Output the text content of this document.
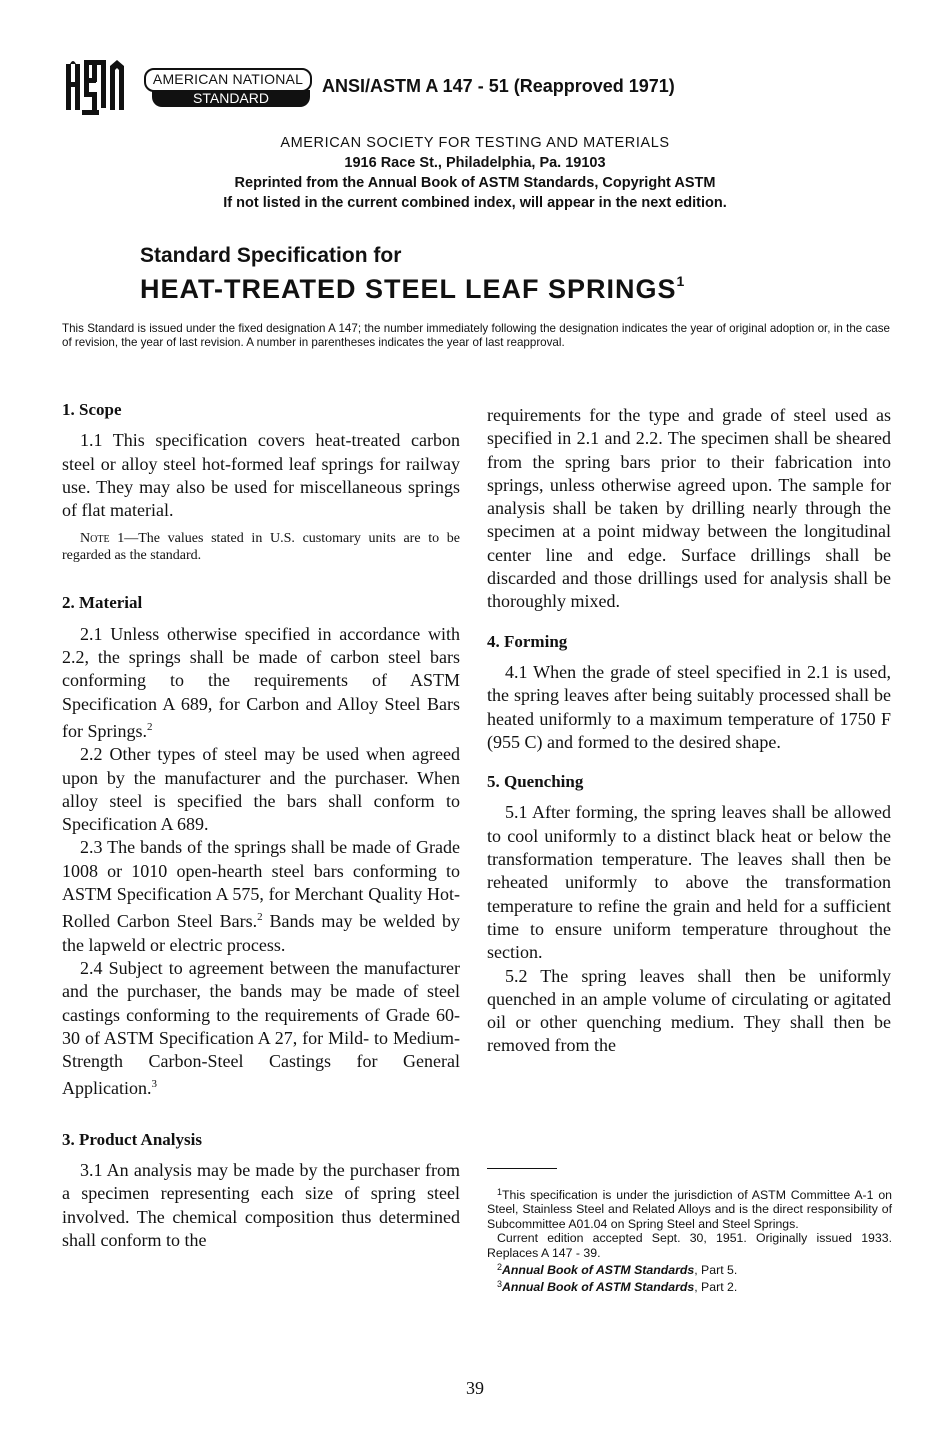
AMERICAN NATIONAL
STANDARD
ANSI/ASTM A 147 - 51 (Reapproved 1971)
AMERICAN SOCIETY FOR TESTING AND MATERIALS
1916 Race St., Philadelphia, Pa. 19103
Reprinted from the Annual Book of ASTM Standards, Copyright ASTM
If not listed in the current combined index, will appear in the next edition.
Standard Specification for
HEAT-TREATED STEEL LEAF SPRINGS$^1$
This Standard is issued under the fixed designation A 147; the number immediately following the designation indicates the year of original adoption or, in the case of revision, the year of last revision. A number in parentheses indicates the year of last reapproval.
1. Scope

1.1 This specification covers heat-treated carbon steel or alloy steel hot-formed leaf springs for railway use. They may also be used for miscellaneous springs of flat material.

Note 1—The values stated in U.S. customary units are to be regarded as the standard.

2. Material

2.1 Unless otherwise specified in accordance with 2.2, the springs shall be made of carbon steel bars conforming to the requirements of ASTM Specification A 689, for Carbon and Alloy Steel Bars for Springs.$^2$

2.2 Other types of steel may be used when agreed upon by the manufacturer and the purchaser. When alloy steel is specified the bars shall conform to Specification A 689.

2.3 The bands of the springs shall be made of Grade 1008 or 1010 open-hearth steel bars conforming to ASTM Specification A 575, for Merchant Quality Hot-Rolled Carbon Steel Bars.$^2$ Bands may be welded by the lapweld or electric process.

2.4 Subject to agreement between the manufacturer and the purchaser, the bands may be made of steel castings conforming to the requirements of Grade 60-30 of ASTM Specification A 27, for Mild- to Medium-Strength Carbon-Steel Castings for General Application.$^3$

3. Product Analysis

3.1 An analysis may be made by the purchaser from a specimen representing each size of spring steel involved. The chemical composition thus determined shall conform to the

requirements for the type and grade of steel used as specified in 2.1 and 2.2. The specimen shall be sheared from the spring bars prior to their fabrication into springs, unless otherwise agreed upon. The sample for analysis shall be taken by drilling nearly through the specimen at a point midway between the longitudinal center line and edge. Surface drillings shall be discarded and those drillings used for analysis shall be thoroughly mixed.

4. Forming

4.1 When the grade of steel specified in 2.1 is used, the spring leaves after being suitably processed shall be heated uniformly to a maximum temperature of 1750 F (955 C) and formed to the desired shape.

5. Quenching

5.1 After forming, the spring leaves shall be allowed to cool uniformly to a distinct black heat or below the transformation temperature. The leaves shall then be reheated uniformly to above the transformation temperature to refine the grain and held for a sufficient time to ensure uniform temperature throughout the section.

5.2 The spring leaves shall then be uniformly quenched in an ample volume of circulating or agitated oil or other quenching medium. They shall then be removed from the

$^1$This specification is under the jurisdiction of ASTM Committee A-1 on Steel, Stainless Steel and Related Alloys and is the direct responsibility of Subcommittee A01.04 on Spring Steel and Steel Springs.

Current edition accepted Sept. 30, 1951. Originally issued 1933. Replaces A 147 - 39.

$^2$Annual Book of ASTM Standards, Part 5.

$^3$Annual Book of ASTM Standards, Part 2.

39
